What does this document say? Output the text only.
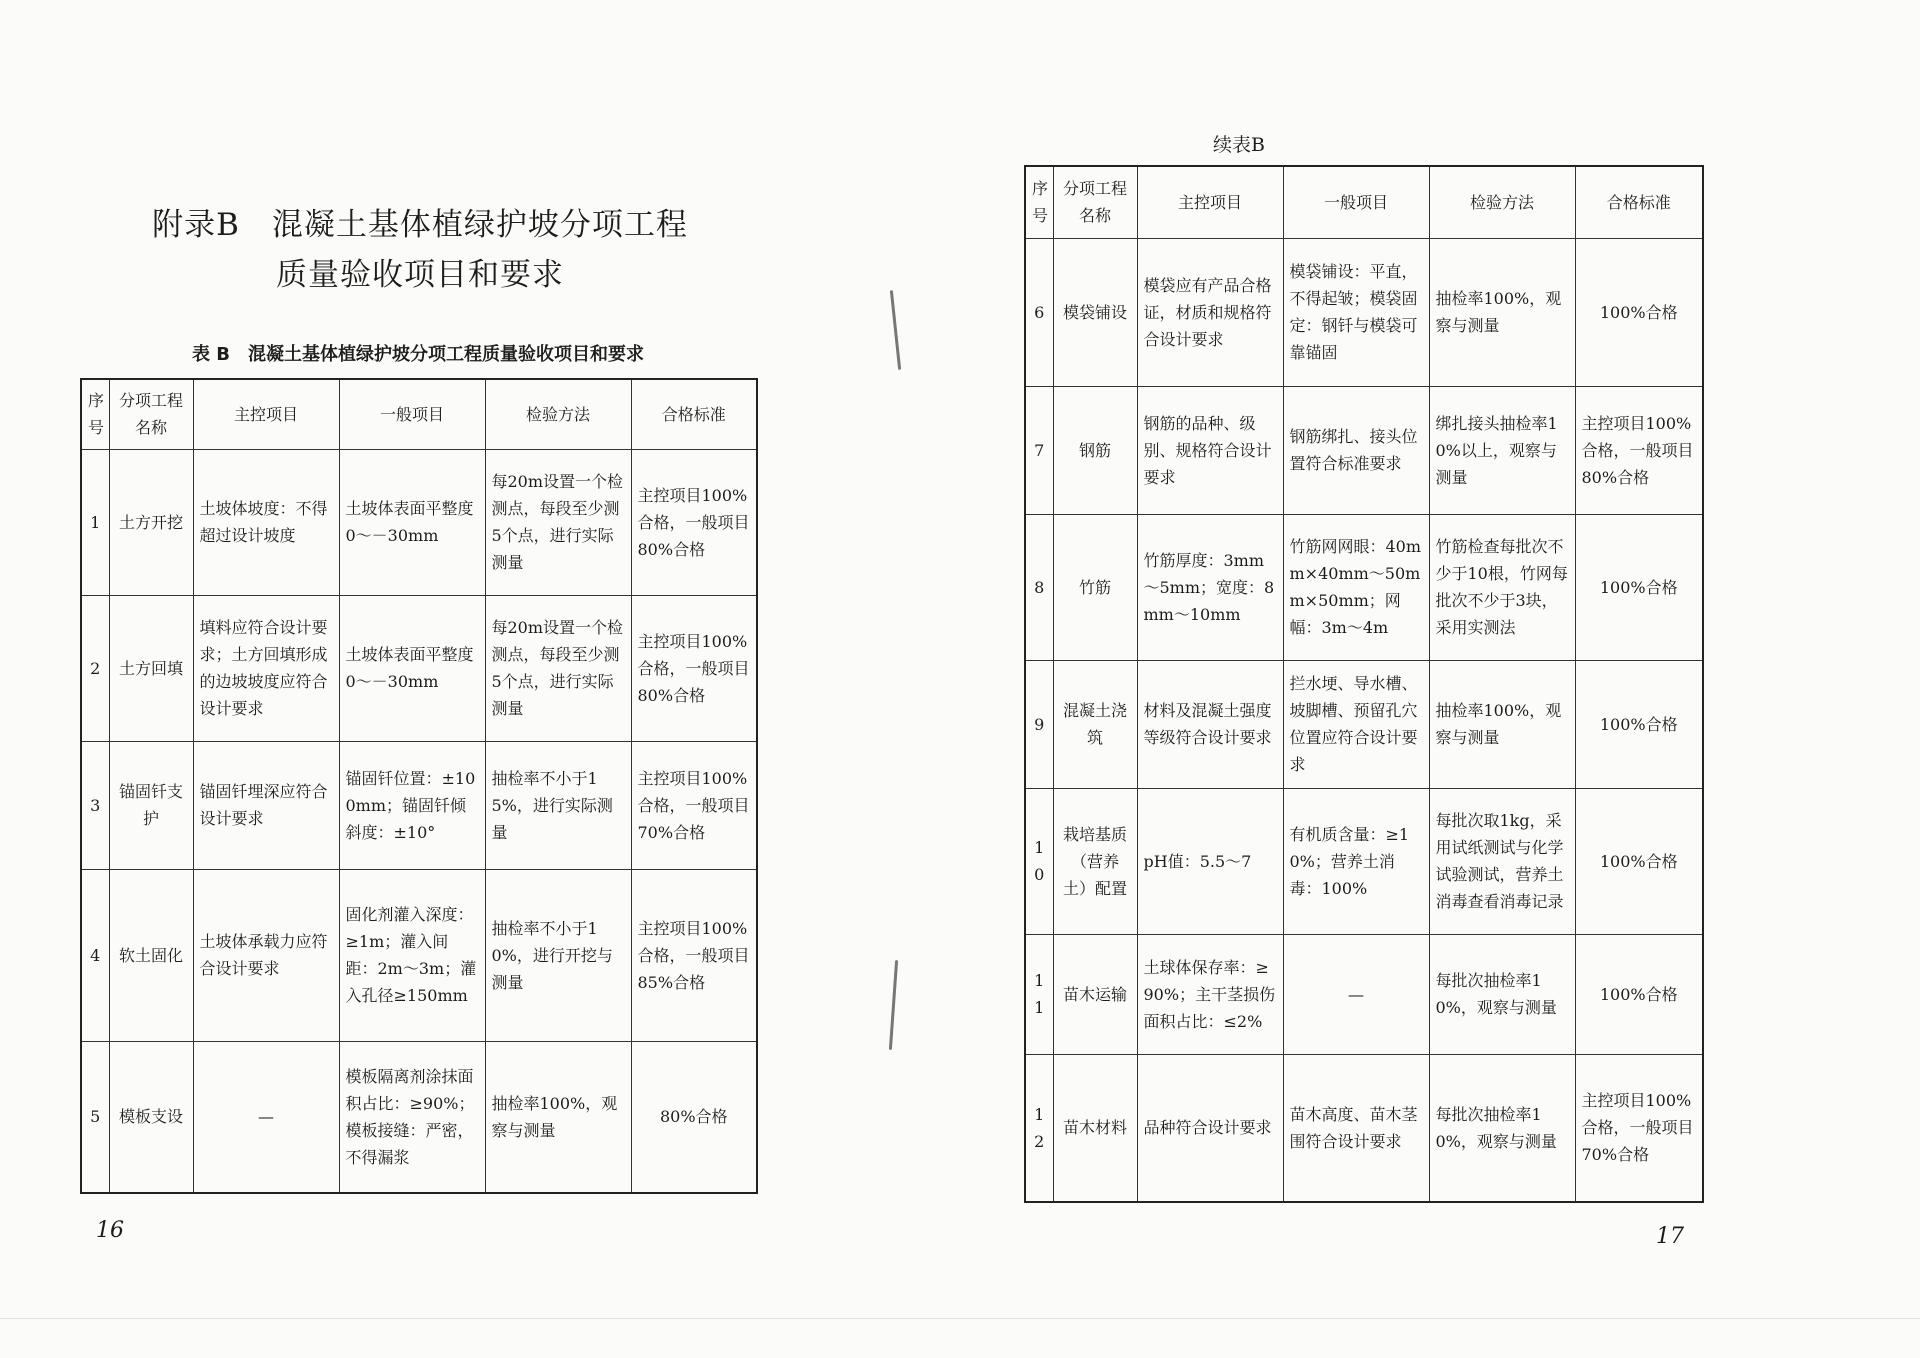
附录B　混凝土基体植绿护坡分项工程
质量验收项目和要求
表 B　混凝土基体植绿护坡分项工程质量验收项目和要求
序号	分项工程名称	主控项目	一般项目	检验方法	合格标准
1	土方开挖	土坡体坡度：不得超过设计坡度	土坡体表面平整度0～－30mm	每20m设置一个检测点，每段至少测5个点，进行实际测量	主控项目100%合格，一般项目80%合格
2	土方回填	填料应符合设计要求；土方回填形成的边坡坡度应符合设计要求	土坡体表面平整度0～－30mm	每20m设置一个检测点，每段至少测5个点，进行实际测量	主控项目100%合格，一般项目80%合格
3	锚固钎支护	锚固钎埋深应符合设计要求	锚固钎位置：±100mm；锚固钎倾斜度：±10°	抽检率不小于15%，进行实际测量	主控项目100%合格，一般项目70%合格
4	软土固化	土坡体承载力应符合设计要求	固化剂灌入深度：≥1m；灌入间距：2m～3m；灌入孔径≥150mm	抽检率不小于10%，进行开挖与测量	主控项目100%合格，一般项目85%合格
5	模板支设	—	模板隔离剂涂抹面积占比：≥90%；模板接缝：严密，不得漏浆	抽检率100%，观察与测量	80%合格
16
续表B
序号	分项工程名称	主控项目	一般项目	检验方法	合格标准
6	模袋铺设	模袋应有产品合格证，材质和规格符合设计要求	模袋铺设：平直，不得起皱；模袋固定：钢钎与模袋可靠锚固	抽检率100%，观察与测量	100%合格
7	钢筋	钢筋的品种、级别、规格符合设计要求	钢筋绑扎、接头位置符合标准要求	绑扎接头抽检率10%以上，观察与测量	主控项目100%合格，一般项目80%合格
8	竹筋	竹筋厚度：3mm～5mm；宽度：8mm～10mm	竹筋网网眼：40mm×40mm～50mm×50mm；网幅：3m～4m	竹筋检查每批次不少于10根，竹网每批次不少于3块，采用实测法	100%合格
9	混凝土浇筑	材料及混凝土强度等级符合设计要求	拦水埂、导水槽、坡脚槽、预留孔穴位置应符合设计要求	抽检率100%，观察与测量	100%合格
10	栽培基质（营养土）配置	pH值：5.5～7	有机质含量：≥10%；营养土消毒：100%	每批次取1kg，采用试纸测试与化学试验测试，营养土消毒查看消毒记录	100%合格
11	苗木运输	土球体保存率：≥90%；主干茎损伤面积占比：≤2%	—	每批次抽检率10%，观察与测量	100%合格
12	苗木材料	品种符合设计要求	苗木高度、苗木茎围符合设计要求	每批次抽检率10%，观察与测量	主控项目100%合格，一般项目70%合格
17
